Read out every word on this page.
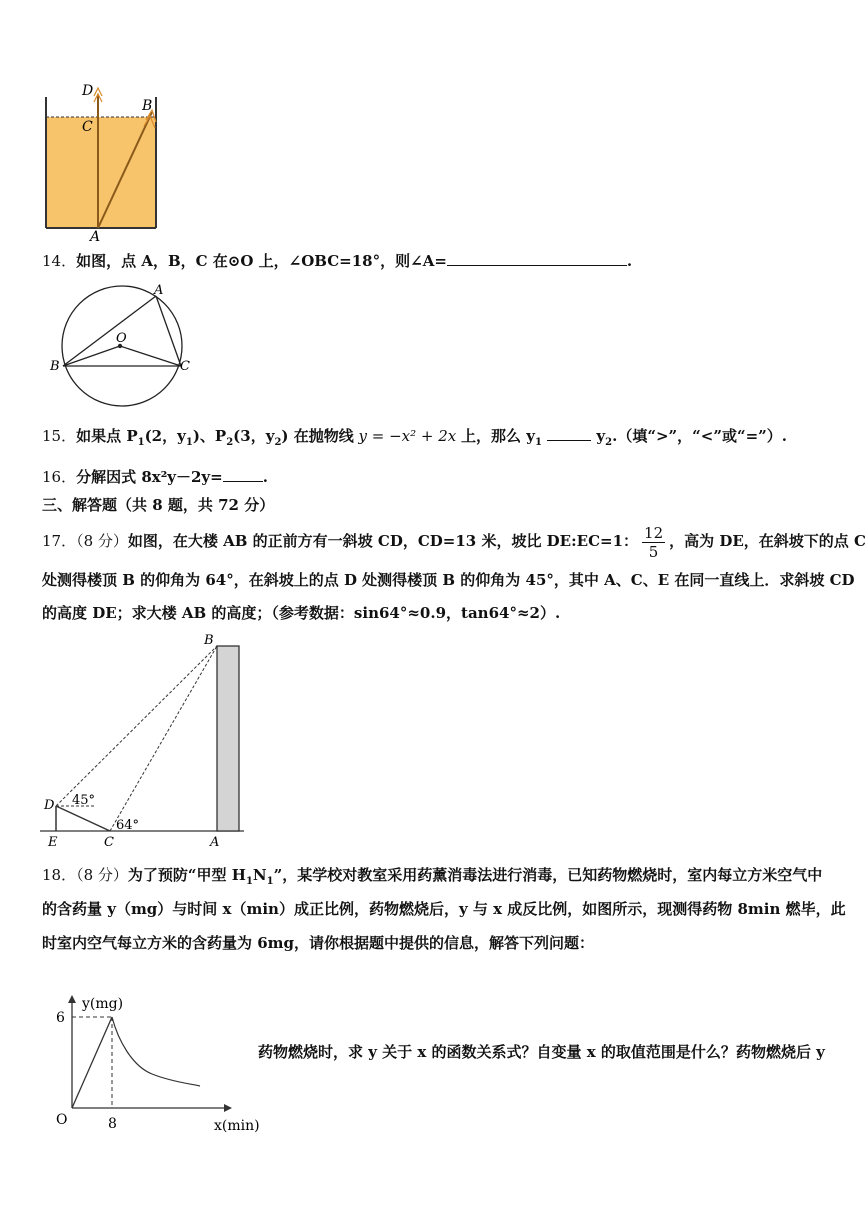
D
C
B
A
14．如图，点 A，B，C 在⊙O 上，∠OBC=18°，则∠A=	.
A
B	C
O
15．如果点 $P_1(2$，$y_1$)、$P_2(3$，$y_2$) 在抛物线 y = −x² + 2x 上，那么 $y_1$	$y_2$.（填“>”，“<”或“=”）.
16．分解因式 8x²y－2y=	.
三、解答题（共 8 题，共 72 分）
17．（8 分）如图，在大楼 AB 的正前方有一斜坡 CD，CD=13 米，坡比 DE:EC=1： $\frac{12}{5}$ ，高为 DE，在斜坡下的点 C
处测得楼顶 B 的仰角为 64°，在斜坡上的点 D 处测得楼顶 B 的仰角为 45°，其中 A、C、E 在同一直线上．求斜坡 CD
的高度 DE；求大楼 AB 的高度；（参考数据：sin64°≈0.9，tan64°≈2）.
B
D
E	C	A
45°
64°
18．（8 分）为了预防“甲型 $H_1N_1$”，某学校对教室采用药薰消毒法进行消毒，已知药物燃烧时，室内每立方米空气中
的含药量 y（mg）与时间 x（min）成正比例，药物燃烧后，y 与 x 成反比例，如图所示，现测得药物 8min 燃毕，此
时室内空气每立方米的含药量为 6mg，请你根据题中提供的信息，解答下列问题：
y(mg)
x(min)
O
6
8
药物燃烧时，求 y 关于 x 的函数关系式？自变量 x 的取值范围是什么？药物燃烧后 y
